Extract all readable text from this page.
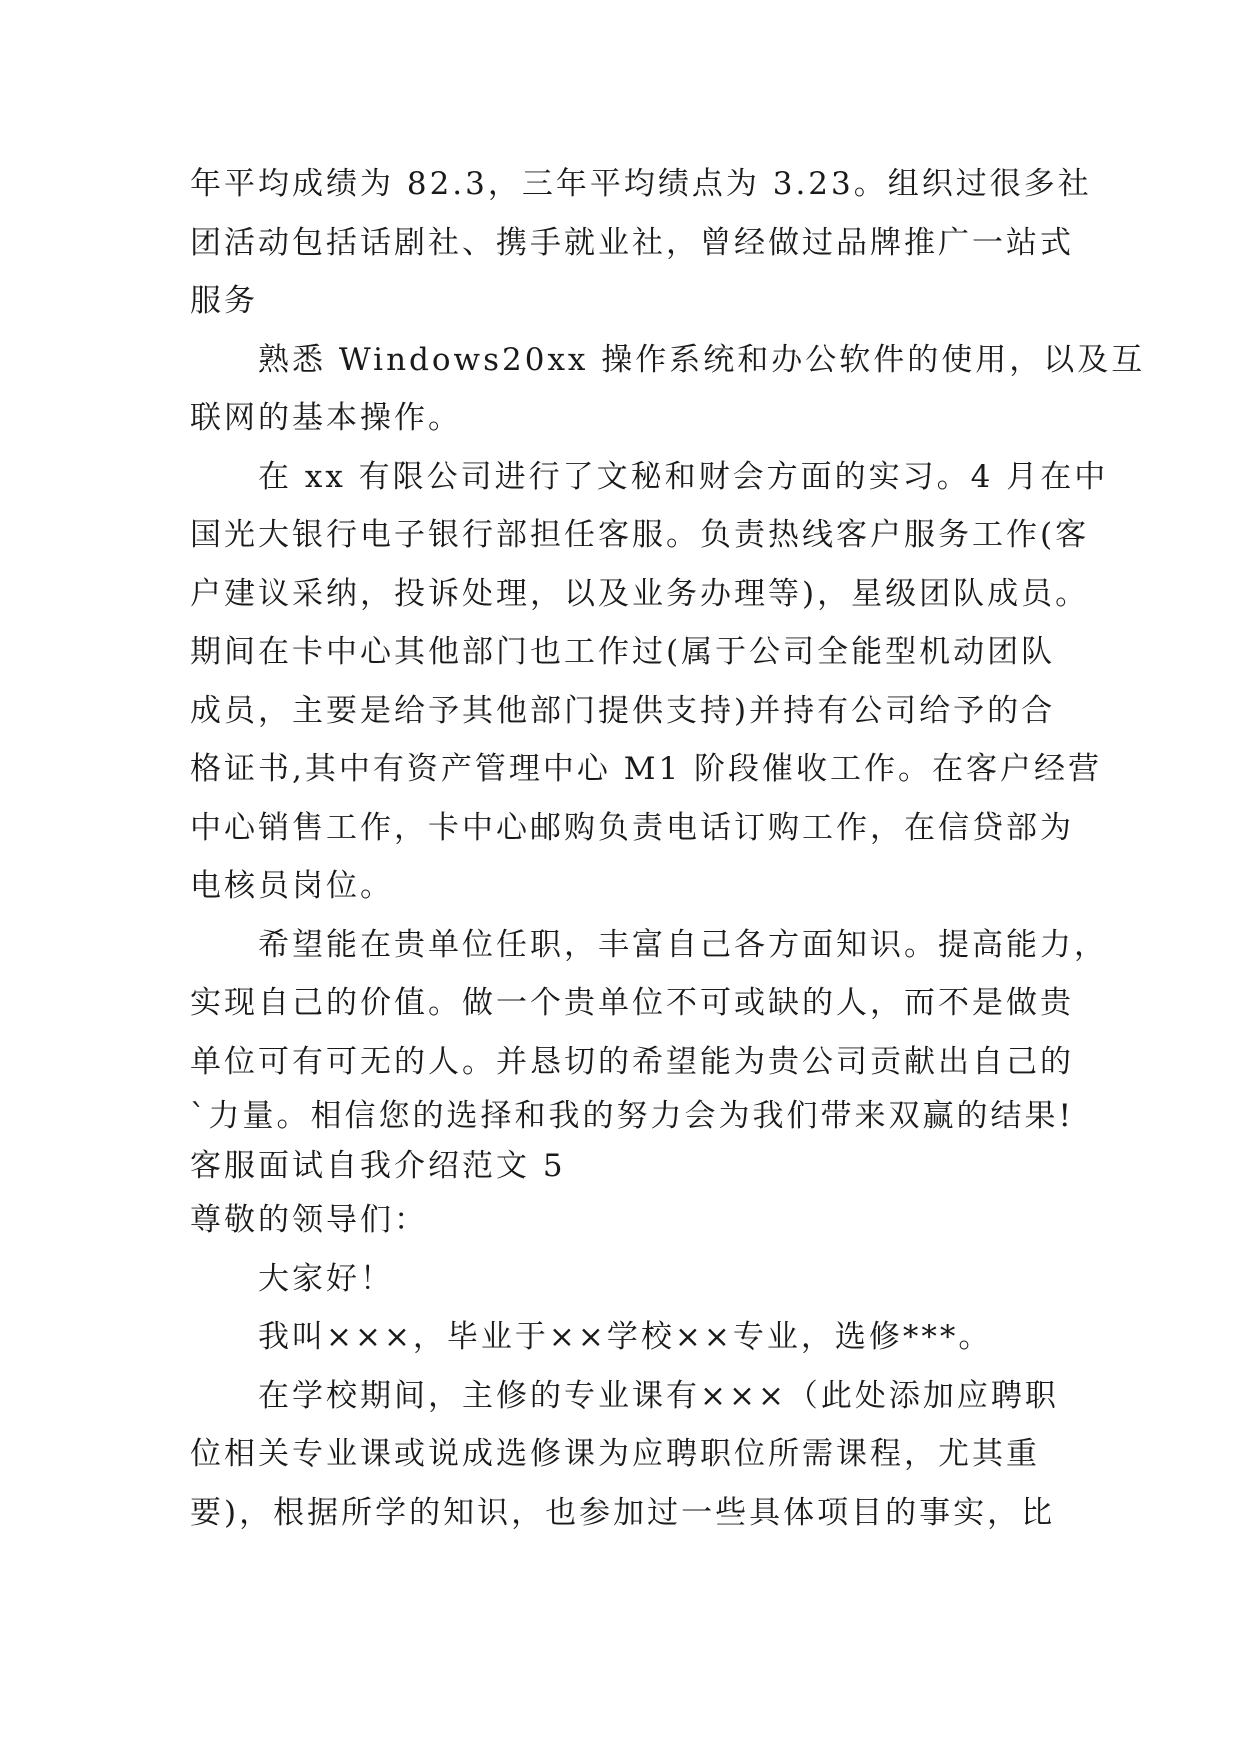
年平均成绩为 82.3，三年平均绩点为 3.23。组织过很多社
团活动包括话剧社、携手就业社，曾经做过品牌推广一站式
服务
熟悉 Windows20xx 操作系统和办公软件的使用，以及互
联网的基本操作。
在 xx 有限公司进行了文秘和财会方面的实习。4 月在中
国光大银行电子银行部担任客服。负责热线客户服务工作(客
户建议采纳，投诉处理，以及业务办理等)，星级团队成员。
期间在卡中心其他部门也工作过(属于公司全能型机动团队
成员，主要是给予其他部门提供支持)并持有公司给予的合
格证书,其中有资产管理中心 M1 阶段催收工作。在客户经营
中心销售工作，卡中心邮购负责电话订购工作，在信贷部为
电核员岗位。
希望能在贵单位任职，丰富自己各方面知识。提高能力，
实现自己的价值。做一个贵单位不可或缺的人，而不是做贵
单位可有可无的人。并恳切的希望能为贵公司贡献出自己的
`力量。相信您的选择和我的努力会为我们带来双赢的结果!
客服面试自我介绍范文 5
尊敬的领导们：
大家好！
我叫×××，毕业于××学校××专业，选修***。
在学校期间，主修的专业课有×××（此处添加应聘职
位相关专业课或说成选修课为应聘职位所需课程，尤其重
要)，根据所学的知识，也参加过一些具体项目的事实，比
